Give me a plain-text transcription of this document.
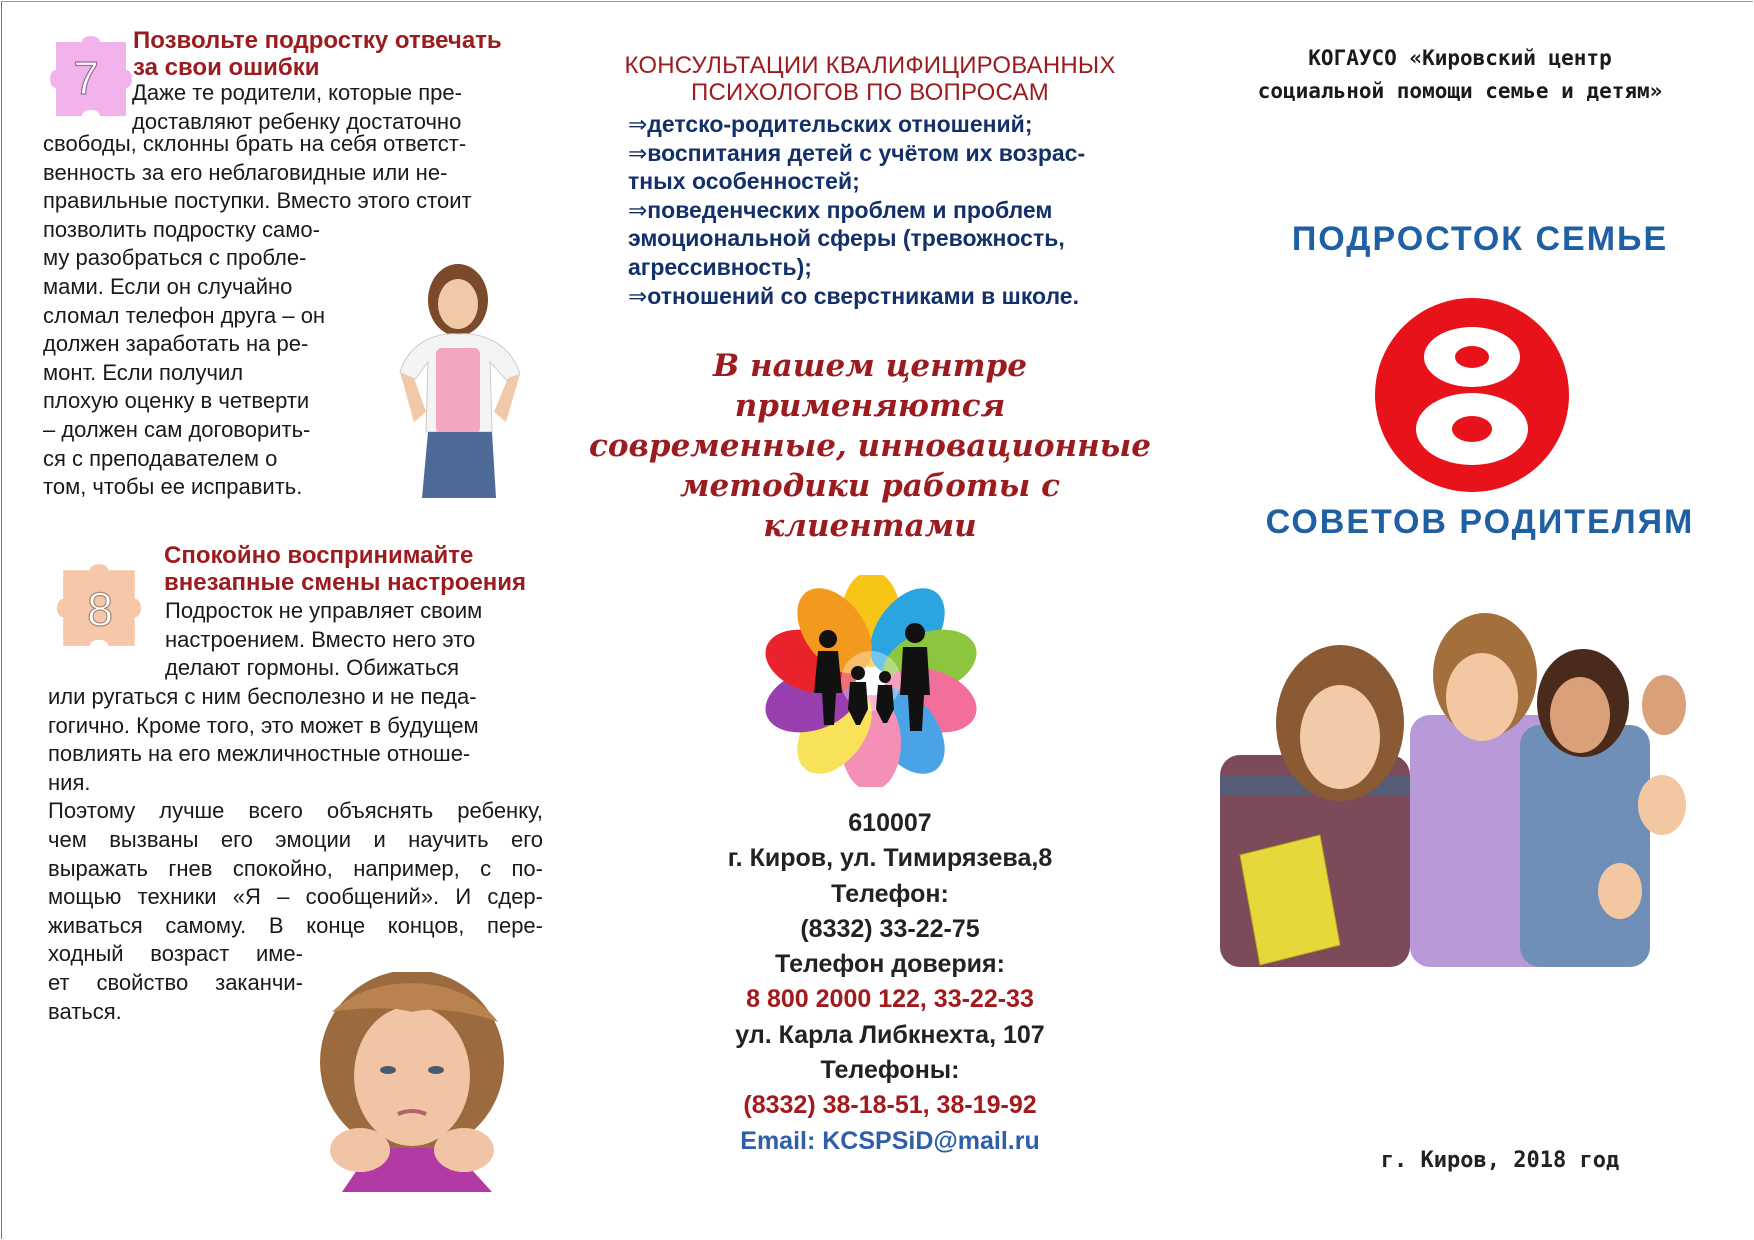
7
Позвольте подростку отвечать
за свои ошибки
Даже те родители, которые пре-
доставляют ребенку достаточно
свободы, склонны брать на себя ответст-
венность за его неблаговидные или не-
правильные поступки. Вместо этого стоит
позволить подростку само-
му разобраться с пробле-
мами. Если он случайно
сломал телефон друга – он
должен заработать на ре-
монт. Если получил
плохую оценку в четверти
– должен сам договорить-
ся с преподавателем о
том, чтобы ее исправить.
8
Спокойно воспринимайте
внезапные смены настроения
Подросток не управляет своим
настроением. Вместо него это
делают гормоны. Обижаться
или ругаться с ним бесполезно и не педа-
гогично. Кроме того, это может в будущем
повлиять на его межличностные отноше-
ния.
Поэтому лучше всего объяснять ребенку,
чем вызваны его эмоции и научить его
выражать гнев спокойно, например, с по-
мощью техники «Я – сообщений». И сдер-
живаться самому. В конце концов, пере-
ходный возраст име-
ет свойство заканчи-
ваться.
КОНСУЛЬТАЦИИ КВАЛИФИЦИРОВАННЫХ
ПСИХОЛОГОВ ПО ВОПРОСАМ
⇒детско-родительских отношений;
⇒воспитания детей с учётом их возрас-
тных особенностей;
⇒поведенческих проблем и проблем
эмоциональной сферы (тревожность,
агрессивность);
⇒отношений со сверстниками в школе.
В нашем центре применяются
современные, инновационные
методики работы с клиентами
610007
г. Киров, ул. Тимирязева,8
Телефон:
(8332) 33-22-75
Телефон доверия:
8 800 2000 122, 33-22-33
ул. Карла Либкнехта, 107
Телефоны:
(8332) 38-18-51, 38-19-92
Email: KCSPSiD@mail.ru
КОГАУСО «Кировский центр
социальной помощи семье и детям»
ПОДРОСТОК СЕМЬЕ
8
СОВЕТОВ РОДИТЕЛЯМ
г. Киров, 2018 год
